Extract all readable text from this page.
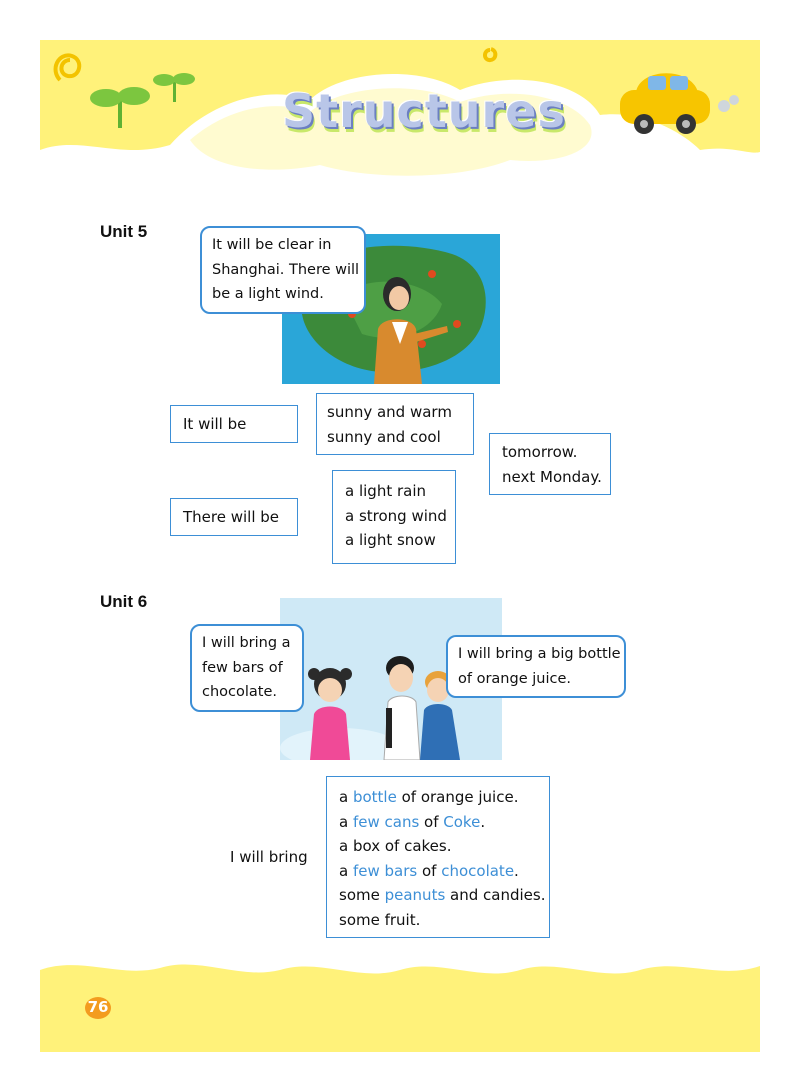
Structures
Unit 5
It will be clear in
Shanghai. There will
be a light wind.
It will be
sunny and warm
sunny and cool
tomorrow.
next Monday.
There will be
a light rain
a strong wind
a light snow
Unit 6
I will bring a
few bars of
chocolate.
I will bring a big bottle
of orange juice.
I will bring
a bottle of orange juice.
a few cans of Coke.
a box of cakes.
a few bars of chocolate.
some peanuts and candies.
some fruit.
76
